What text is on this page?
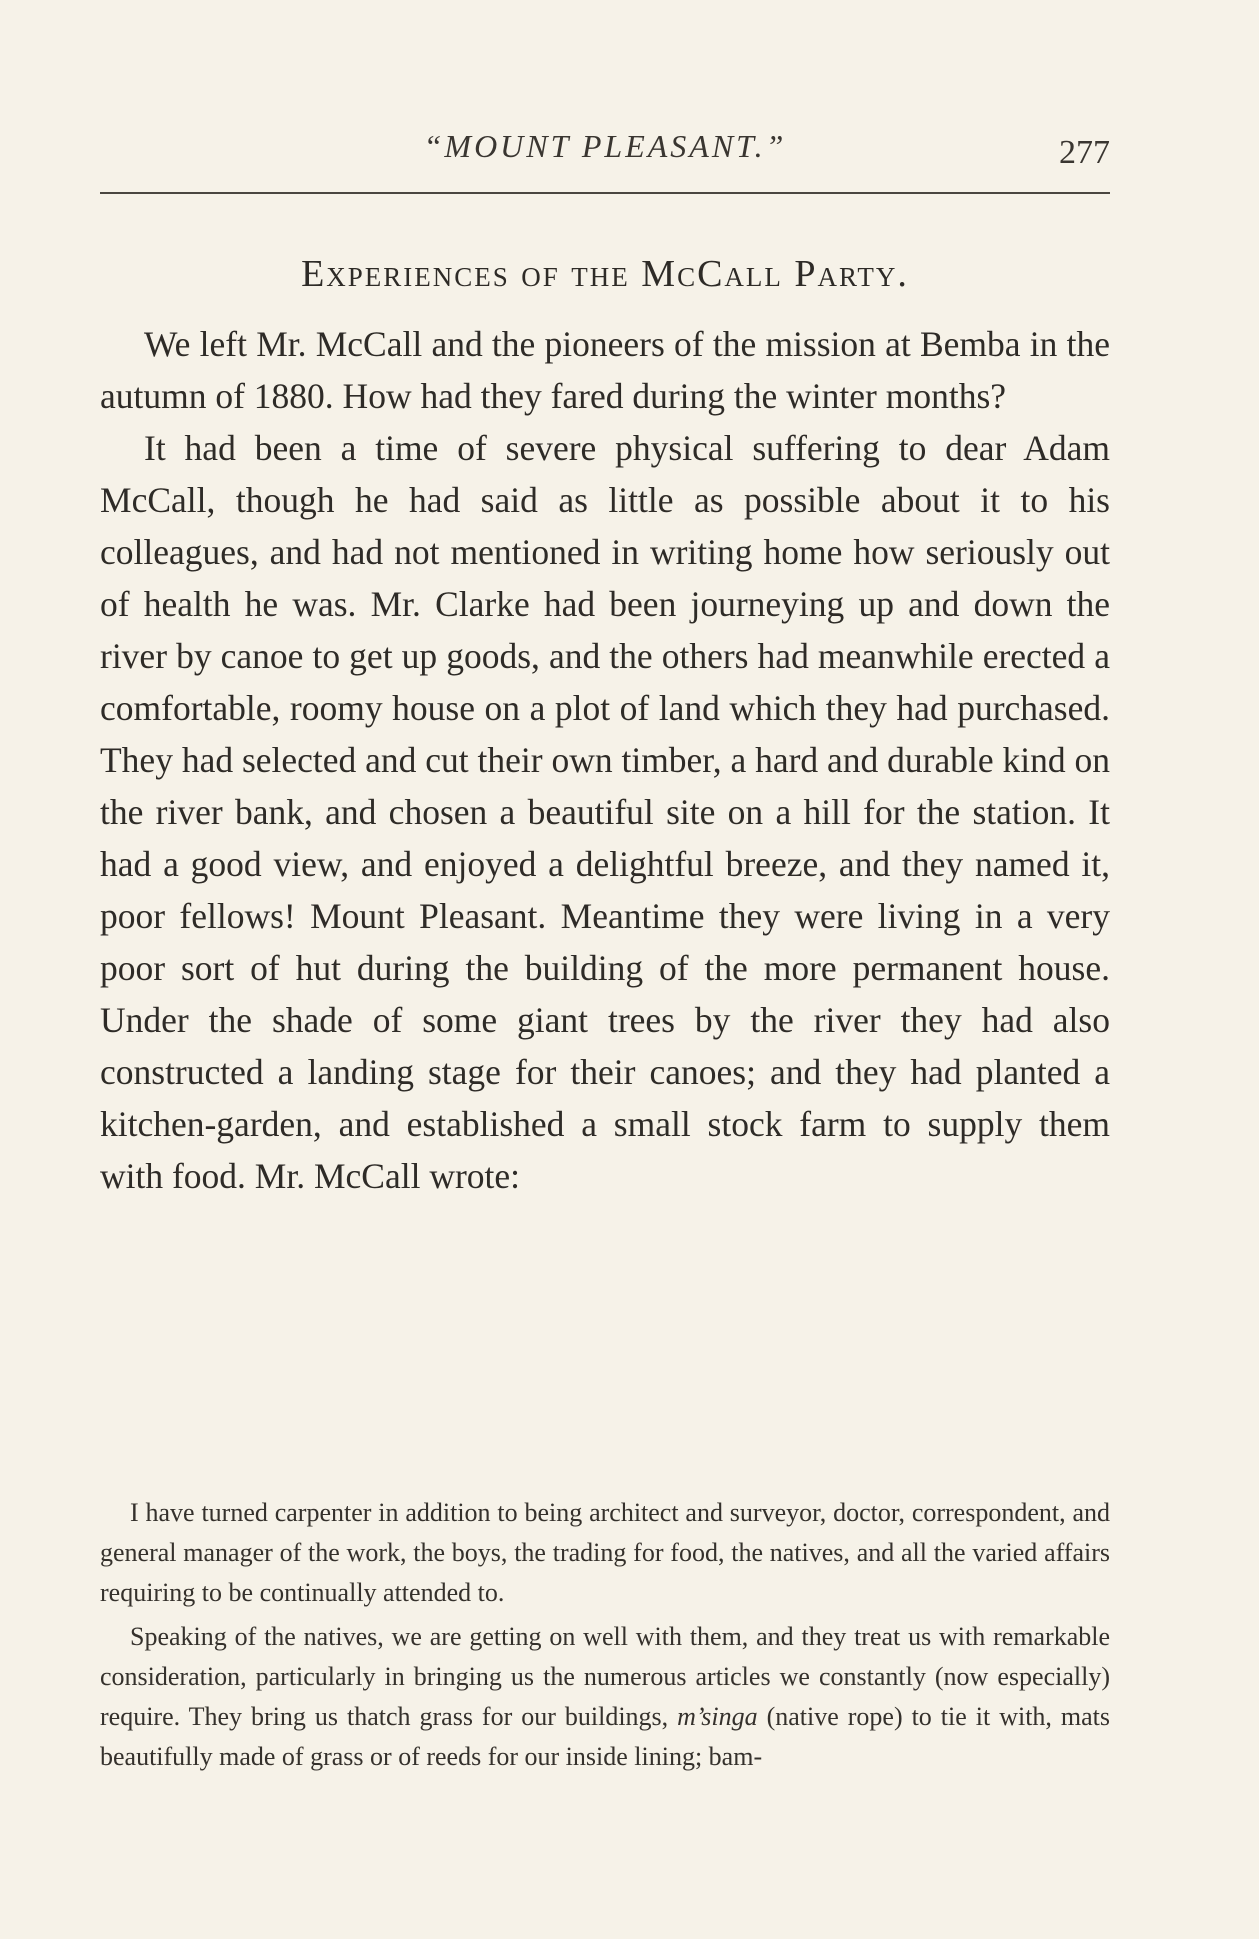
“MOUNT PLEASANT.”	277
Experiences of the McCall Party.

We left Mr. McCall and the pioneers of the mission at Bemba in the autumn of 1880. How had they fared during the winter months?

It had been a time of severe physical suffering to dear Adam McCall, though he had said as little as possible about it to his colleagues, and had not mentioned in writing home how seriously out of health he was. Mr. Clarke had been journeying up and down the river by canoe to get up goods, and the others had meanwhile erected a comfortable, roomy house on a plot of land which they had purchased. They had selected and cut their own timber, a hard and durable kind on the river bank, and chosen a beautiful site on a hill for the station. It had a good view, and enjoyed a delightful breeze, and they named it, poor fellows! Mount Pleasant. Meantime they were living in a very poor sort of hut during the building of the more permanent house. Under the shade of some giant trees by the river they had also constructed a landing stage for their canoes; and they had planted a kitchen-garden, and established a small stock farm to supply them with food. Mr. McCall wrote:

I have turned carpenter in addition to being architect and surveyor, doctor, correspondent, and general manager of the work, the boys, the trading for food, the natives, and all the varied affairs requiring to be continually attended to.

Speaking of the natives, we are getting on well with them, and they treat us with remarkable consideration, particularly in bringing us the numerous articles we constantly (now especially) require. They bring us thatch grass for our buildings, m’singa (native rope) to tie it with, mats beautifully made of grass or of reeds for our inside lining; bam-
